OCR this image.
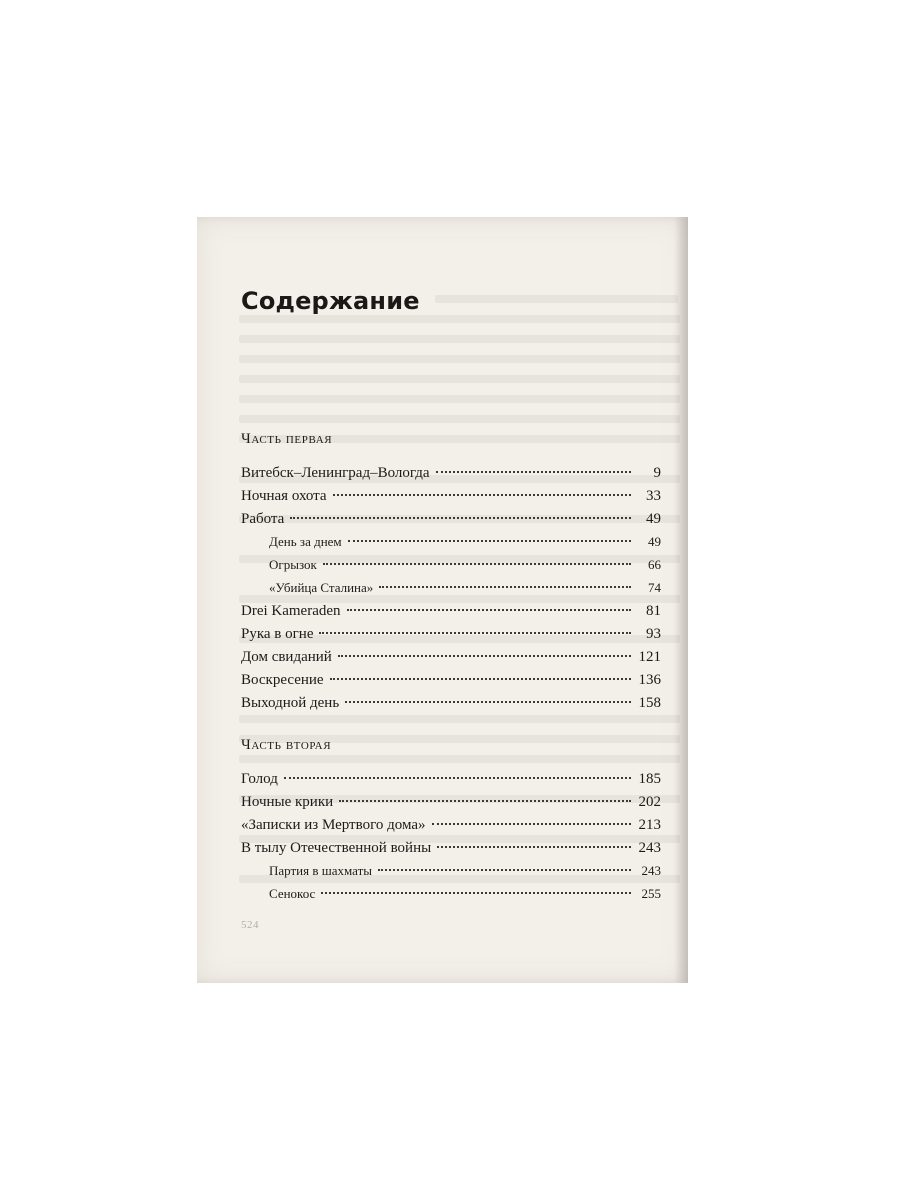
Содержание
Часть первая
Витебск–Ленинград–Вологда	9
Ночная охота	33
Работа	49
День за днем	49
Огрызок	66
«Убийца Сталина»	74
Drei Kameraden	81
Рука в огне	93
Дом свиданий	121
Воскресение	136
Выходной день	158
Часть вторая
Голод	185
Ночные крики	202
«Записки из Мертвого дома»	213
В тылу Отечественной войны	243
Партия в шахматы	243
Сенокос	255
524
